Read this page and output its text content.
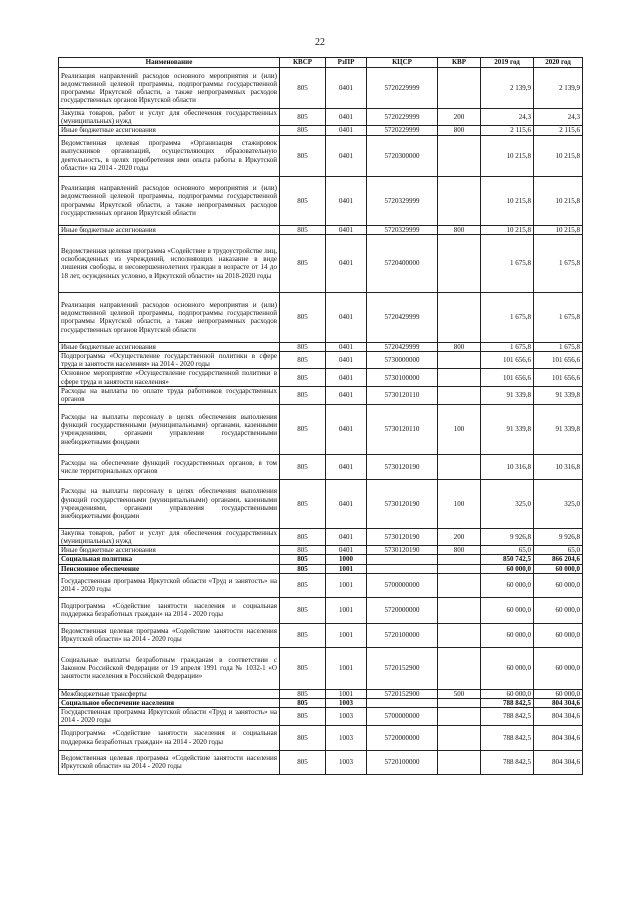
22
Наименование	КВСР	РзПР	КЦСР	КВР	2019 год	2020 год
Реализация направлений расходов основного мероприятия и (или) ведомственной целевой программы, подпрограммы государственной программы Иркутской области, а также непрограммных расходов государственных органов Иркутской области	805	0401	5720229999		2 139,9	2 139,9
Закупка товаров, работ и услуг для обеспечения государственных (муниципальных) нужд	805	0401	5720229999	200	24,3	24,3
Иные бюджетные ассигнования	805	0401	5720229999	800	2 115,6	2 115,6
Ведомственная целевая программа «Организация стажировок выпускников организаций, осуществляющих образовательную деятельность, в целях приобретения ими опыта работы в Иркутской области» на 2014 - 2020 годы	805	0401	5720300000		10 215,8	10 215,8
Реализация направлений расходов основного мероприятия и (или) ведомственной целевой программы, подпрограммы государственной программы Иркутской области, а также непрограммных расходов государственных органов Иркутской области	805	0401	5720329999		10 215,8	10 215,8
Иные бюджетные ассигнования	805	0401	5720329999	800	10 215,8	10 215,8
Ведомственная целевая программа «Содействие в трудоустройстве лиц, освобожденных из учреждений, исполняющих наказание в виде лишения свободы, и несовершеннолетних граждан в возрасте от 14 до 18 лет, осужденных условно, в Иркутской области» на 2018-2020 годы	805	0401	5720400000		1 675,8	1 675,8
Реализация направлений расходов основного мероприятия и (или) ведомственной целевой программы, подпрограммы государственной программы Иркутской области, а также непрограммных расходов государственных органов Иркутской области	805	0401	5720429999		1 675,8	1 675,8
Иные бюджетные ассигнования	805	0401	5720429999	800	1 675,8	1 675,8
Подпрограмма «Осуществление государственной политики в сфере труда и занятости населения» на 2014 - 2020 годы	805	0401	5730000000		101 656,6	101 656,6
Основное мероприятие «Осуществление государственной политики в сфере труда и занятости населения»	805	0401	5730100000		101 656,6	101 656,6
Расходы на выплаты по оплате труда работников государственных органов	805	0401	5730120110		91 339,8	91 339,8
Расходы на выплаты персоналу в целях обеспечения выполнения функций государственными (муниципальными) органами, казенными учреждениями, органами управления государственными внебюджетными фондами	805	0401	5730120110	100	91 339,8	91 339,8
Расходы на обеспечение функций государственных органов, в том числе территориальных органов	805	0401	5730120190		10 316,8	10 316,8
Расходы на выплаты персоналу в целях обеспечения выполнения функций государственными (муниципальными) органами, казенными учреждениями, органами управления государственными внебюджетными фондами	805	0401	5730120190	100	325,0	325,0
Закупка товаров, работ и услуг для обеспечения государственных (муниципальных) нужд	805	0401	5730120190	200	9 926,8	9 926,8
Иные бюджетные ассигнования	805	0401	5730120190	800	65,0	65,0
Социальная политика	805	1000			850 742,5	866 204,6
Пенсионное обеспечение	805	1001			60 000,0	60 000,0
Государственная программа Иркутской области «Труд и занятость» на 2014 - 2020 годы	805	1001	5700000000		60 000,0	60 000,0
Подпрограмма «Содействие занятости населения и социальная поддержка безработных граждан» на 2014 - 2020 годы	805	1001	5720000000		60 000,0	60 000,0
Ведомственная целевая программа «Содействие занятости населения Иркутской области» на 2014 - 2020 годы	805	1001	5720100000		60 000,0	60 000,0
Социальные выплаты безработным гражданам в соответствии с Законом Российской Федерации от 19 апреля 1991 года № 1032-1 «О занятости населения в Российской Федерации»	805	1001	5720152900		60 000,0	60 000,0
Межбюджетные трансферты	805	1001	5720152900	500	60 000,0	60 000,0
Социальное обеспечение населения	805	1003			788 842,5	804 304,6
Государственная программа Иркутской области «Труд и занятость» на 2014 - 2020 годы	805	1003	5700000000		788 842,5	804 304,6
Подпрограмма «Содействие занятости населения и социальная поддержка безработных граждан» на 2014 - 2020 годы	805	1003	5720000000		788 842,5	804 304,6
Ведомственная целевая программа «Содействие занятости населения Иркутской области» на 2014 - 2020 годы	805	1003	5720100000		788 842,5	804 304,6
